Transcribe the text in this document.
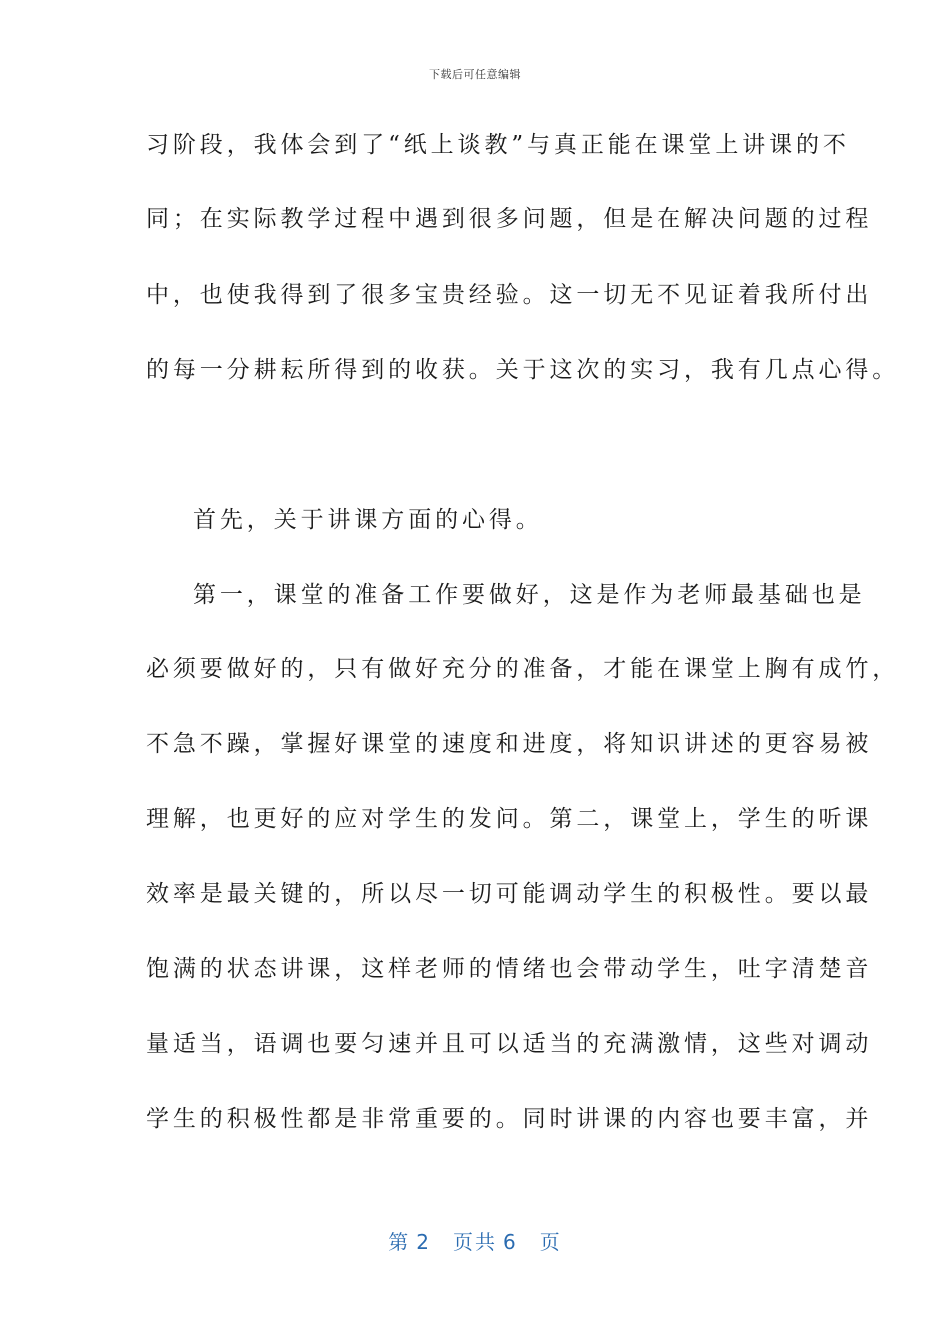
下载后可任意编辑
习阶段，我体会到了“纸上谈教”与真正能在课堂上讲课的不
同；在实际教学过程中遇到很多问题，但是在解决问题的过程
中，也使我得到了很多宝贵经验。这一切无不见证着我所付出
的每一分耕耘所得到的收获。关于这次的实习，我有几点心得。
首先，关于讲课方面的心得。
第一，课堂的准备工作要做好，这是作为老师最基础也是
必须要做好的，只有做好充分的准备，才能在课堂上胸有成竹，
不急不躁，掌握好课堂的速度和进度，将知识讲述的更容易被
理解，也更好的应对学生的发问。第二，课堂上，学生的听课
效率是最关键的，所以尽一切可能调动学生的积极性。要以最
饱满的状态讲课，这样老师的情绪也会带动学生，吐字清楚音
量适当，语调也要匀速并且可以适当的充满激情，这些对调动
学生的积极性都是非常重要的。同时讲课的内容也要丰富，并
第 2 页共 6 页
